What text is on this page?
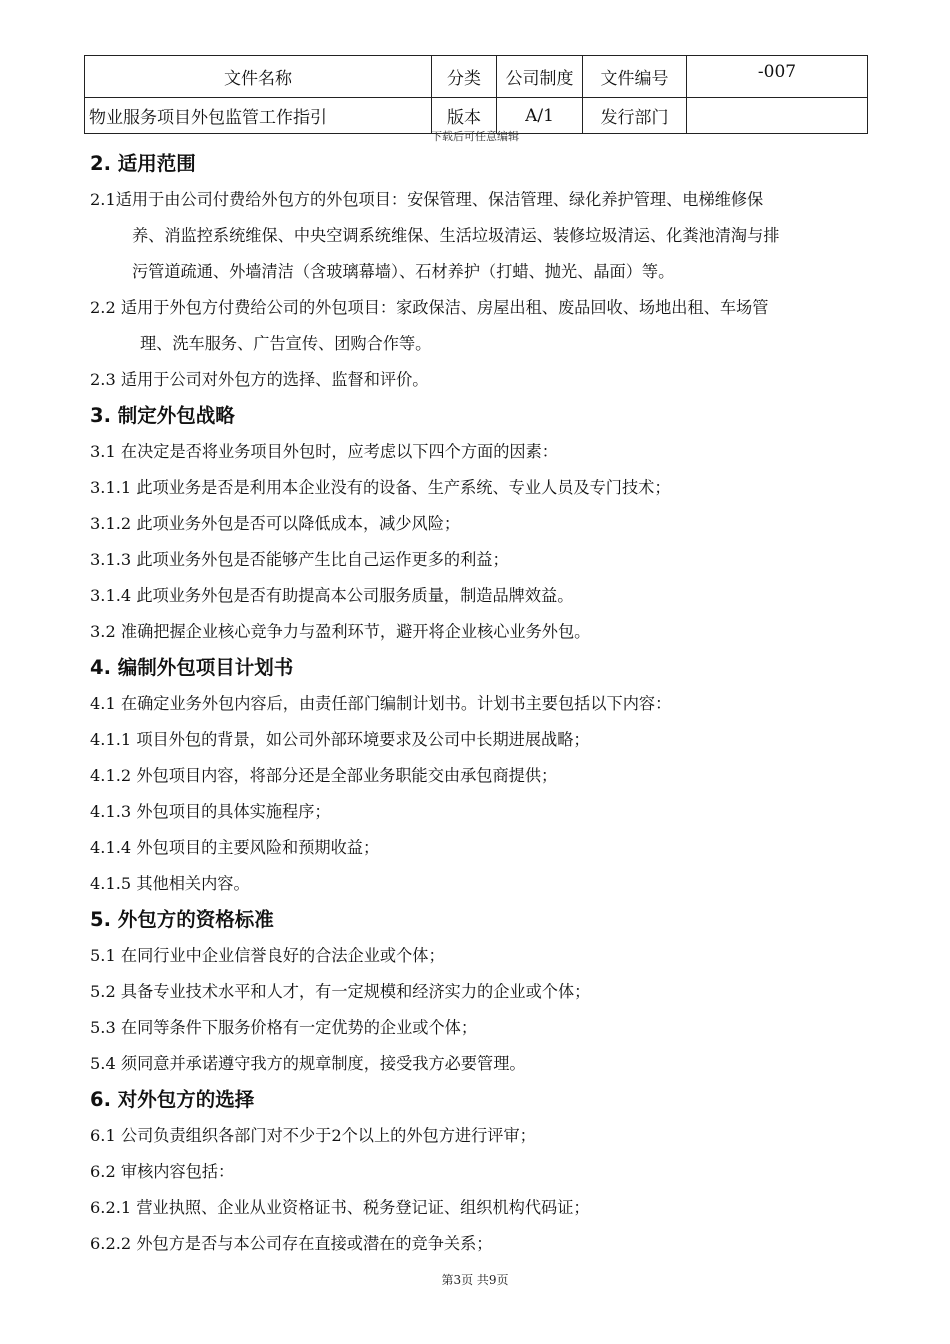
文件名称	分类	公司制度	文件编号	-007
物业服务项目外包监管工作指引	版本	A/1	发行部门	
下载后可任意编辑
2. 适用范围
2.1适用于由公司付费给外包方的外包项目：安保管理、保洁管理、绿化养护管理、电梯维修保
养、消监控系统维保、中央空调系统维保、生活垃圾清运、装修垃圾清运、化粪池清淘与排
污管道疏通、外墙清洁（含玻璃幕墙）、石材养护（打蜡、抛光、晶面）等。
2.2 适用于外包方付费给公司的外包项目：家政保洁、房屋出租、废品回收、场地出租、车场管
理、洗车服务、广告宣传、团购合作等。
2.3 适用于公司对外包方的选择、监督和评价。
3. 制定外包战略
3.1 在决定是否将业务项目外包时，应考虑以下四个方面的因素：
3.1.1 此项业务是否是利用本企业没有的设备、生产系统、专业人员及专门技术；
3.1.2 此项业务外包是否可以降低成本，减少风险；
3.1.3 此项业务外包是否能够产生比自己运作更多的利益；
3.1.4 此项业务外包是否有助提高本公司服务质量，制造品牌效益。
3.2 准确把握企业核心竞争力与盈利环节，避开将企业核心业务外包。
4. 编制外包项目计划书
4.1 在确定业务外包内容后，由责任部门编制计划书。计划书主要包括以下内容：
4.1.1 项目外包的背景，如公司外部环境要求及公司中长期进展战略；
4.1.2 外包项目内容，将部分还是全部业务职能交由承包商提供；
4.1.3 外包项目的具体实施程序；
4.1.4 外包项目的主要风险和预期收益；
4.1.5 其他相关内容。
5. 外包方的资格标准
5.1 在同行业中企业信誉良好的合法企业或个体；
5.2 具备专业技术水平和人才，有一定规模和经济实力的企业或个体；
5.3 在同等条件下服务价格有一定优势的企业或个体；
5.4 须同意并承诺遵守我方的规章制度，接受我方必要管理。
6. 对外包方的选择
6.1 公司负责组织各部门对不少于2个以上的外包方进行评审；
6.2 审核内容包括：
6.2.1 营业执照、企业从业资格证书、税务登记证、组织机构代码证；
6.2.2 外包方是否与本公司存在直接或潜在的竞争关系；
第3页 共9页
